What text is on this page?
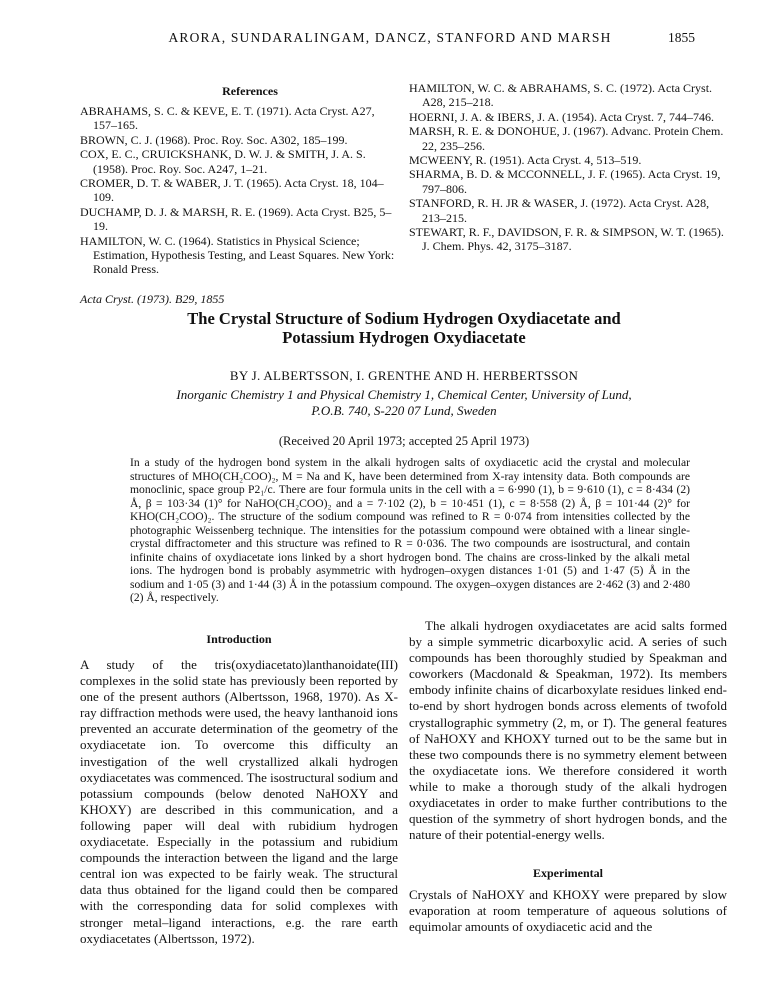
ARORA, SUNDARALINGAM, DANCZ, STANFORD AND MARSH	1855
References
ABRAHAMS, S. C. & KEVE, E. T. (1971). Acta Cryst. A27, 157–165.
BROWN, C. J. (1968). Proc. Roy. Soc. A302, 185–199.
COX, E. C., CRUICKSHANK, D. W. J. & SMITH, J. A. S. (1958). Proc. Roy. Soc. A247, 1–21.
CROMER, D. T. & WABER, J. T. (1965). Acta Cryst. 18, 104–109.
DUCHAMP, D. J. & MARSH, R. E. (1969). Acta Cryst. B25, 5–19.
HAMILTON, W. C. (1964). Statistics in Physical Science; Estimation, Hypothesis Testing, and Least Squares. New York: Ronald Press.
HAMILTON, W. C. & ABRAHAMS, S. C. (1972). Acta Cryst. A28, 215–218.
HOERNI, J. A. & IBERS, J. A. (1954). Acta Cryst. 7, 744–746.
MARSH, R. E. & DONOHUE, J. (1967). Advanc. Protein Chem. 22, 235–256.
MCWEENY, R. (1951). Acta Cryst. 4, 513–519.
SHARMA, B. D. & MCCONNELL, J. F. (1965). Acta Cryst. 19, 797–806.
STANFORD, R. H. JR & WASER, J. (1972). Acta Cryst. A28, 213–215.
STEWART, R. F., DAVIDSON, F. R. & SIMPSON, W. T. (1965). J. Chem. Phys. 42, 3175–3187.
Acta Cryst. (1973). B29, 1855
The Crystal Structure of Sodium Hydrogen Oxydiacetate and
Potassium Hydrogen Oxydiacetate
BY J. ALBERTSSON, I. GRENTHE AND H. HERBERTSSON
Inorganic Chemistry 1 and Physical Chemistry 1, Chemical Center, University of Lund,
P.O.B. 740, S-220 07 Lund, Sweden
(Received 20 April 1973; accepted 25 April 1973)
In a study of the hydrogen bond system in the alkali hydrogen salts of oxydiacetic acid the crystal and molecular structures of MHO(CH₂COO)₂, M = Na and K, have been determined from X-ray intensity data. Both compounds are monoclinic, space group P2₁/c. There are four formula units in the cell with a = 6·990 (1), b = 9·610 (1), c = 8·434 (2) Å, β = 103·34 (1)° for NaHO(CH₂COO)₂ and a = 7·102 (2), b = 10·451 (1), c = 8·558 (2) Å, β = 101·44 (2)° for KHO(CH₂COO)₂. The structure of the sodium compound was refined to R = 0·074 from intensities collected by the photographic Weissenberg technique. The intensities for the potassium compound were obtained with a linear single-crystal diffractometer and this structure was refined to R = 0·036. The two compounds are isostructural, and contain infinite chains of oxydiacetate ions linked by a short hydrogen bond. The chains are cross-linked by the alkali metal ions. The hydrogen bond is probably asymmetric with hydrogen–oxygen distances 1·01 (5) and 1·47 (5) Å in the sodium and 1·05 (3) and 1·44 (3) Å in the potassium compound. The oxygen–oxygen distances are 2·462 (3) and 2·480 (2) Å, respectively.
Introduction
A study of the tris(oxydiacetato)lanthanoidate(III) complexes in the solid state has previously been reported by one of the present authors (Albertsson, 1968, 1970). As X-ray diffraction methods were used, the heavy lanthanoid ions prevented an accurate determination of the geometry of the oxydiacetate ion. To overcome this difficulty an investigation of the well crystallized alkali hydrogen oxydiacetates was commenced. The isostructural sodium and potassium compounds (below denoted NaHOXY and KHOXY) are described in this communication, and a following paper will deal with rubidium hydrogen oxydiacetate. Especially in the potassium and rubidium compounds the interaction between the ligand and the large central ion was expected to be fairly weak. The structural data thus obtained for the ligand could then be compared with the corresponding data for solid complexes with stronger metal–ligand interactions, e.g. the rare earth oxydiacetates (Albertsson, 1972).
The alkali hydrogen oxydiacetates are acid salts formed by a simple symmetric dicarboxylic acid. A series of such compounds has been thoroughly studied by Speakman and coworkers (Macdonald & Speakman, 1972). Its members embody infinite chains of dicarboxylate residues linked end-to-end by short hydrogen bonds across elements of twofold crystallographic symmetry (2, m, or 1̄). The general features of NaHOXY and KHOXY turned out to be the same but in these two compounds there is no symmetry element between the oxydiacetate ions. We therefore considered it worth while to make a thorough study of the alkali hydrogen oxydiacetates in order to make further contributions to the question of the symmetry of short hydrogen bonds, and the nature of their potential-energy wells.
Experimental
Crystals of NaHOXY and KHOXY were prepared by slow evaporation at room temperature of aqueous solutions of equimolar amounts of oxydiacetic acid and the
